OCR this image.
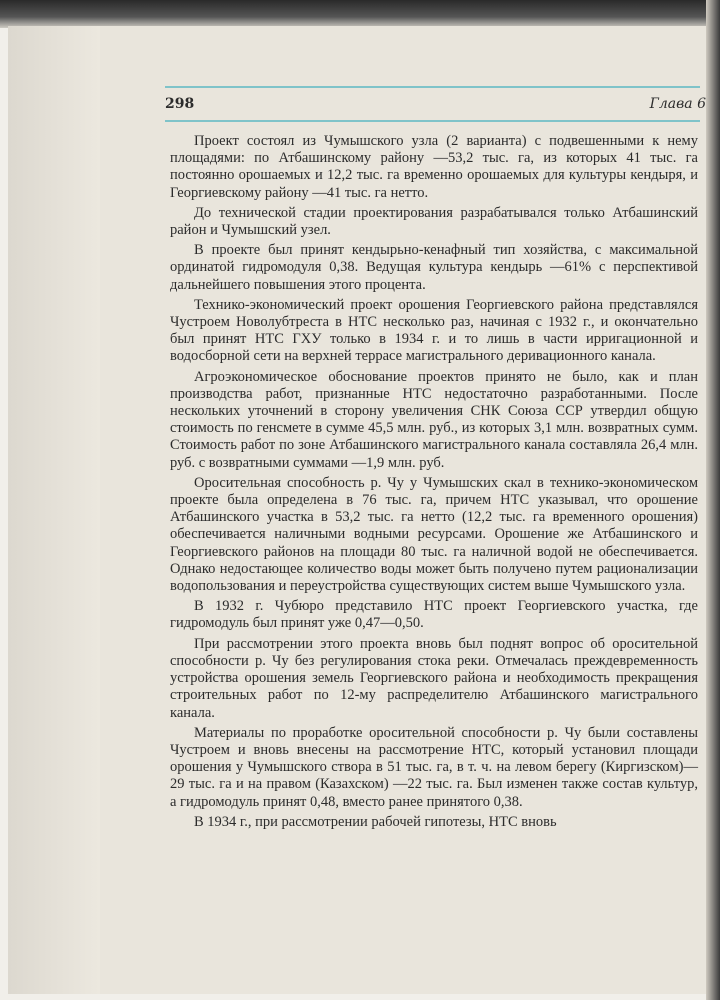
298	Глава 6

Проект состоял из Чумышского узла (2 варианта) с подвешенными к нему площадями: по Атбашинскому району —53,2 тыс. га, из которых 41 тыс. га постоянно орошаемых и 12,2 тыс. га временно орошаемых для культуры кендыря, и Георгиевскому району —41 тыс. га нетто.

До технической стадии проектирования разрабатывался только Атбашинский район и Чумышский узел.

В проекте был принят кендырьно-кенафный тип хозяйства, с максимальной ординатой гидромодуля 0,38. Ведущая культура кендырь —61% с перспективой дальнейшего повышения этого процента.

Технико-экономический проект орошения Георгиевского района представлялся Чустроем Новолубтреста в НТС несколько раз, начиная с 1932 г., и окончательно был принят НТС ГХУ только в 1934 г. и то лишь в части ирригационной и водосборной сети на верхней террасе магистрального деривационного канала.

Агроэкономическое обоснование проектов принято не было, как и план производства работ, признанные НТС недостаточно разработанными. После нескольких уточнений в сторону увеличения СНК Союза ССР утвердил общую стоимость по генсмете в сумме 45,5 млн. руб., из которых 3,1 млн. возвратных сумм. Стоимость работ по зоне Атбашинского магистрального канала составляла 26,4 млн. руб. с возвратными суммами —1,9 млн. руб.

Оросительная способность р. Чу у Чумышских скал в технико-экономическом проекте была определена в 76 тыс. га, причем НТС указывал, что орошение Атбашинского участка в 53,2 тыс. га нетто (12,2 тыс. га временного орошения) обеспечивается наличными водными ресурсами. Орошение же Атбашинского и Георгиевского районов на площади 80 тыс. га наличной водой не обеспечивается. Однако недостающее количество воды может быть получено путем рационализации водопользования и переустройства существующих систем выше Чумышского узла.

В 1932 г. Чубюро представило НТС проект Георгиевского участка, где гидромодуль был принят уже 0,47—0,50.

При рассмотрении этого проекта вновь был поднят вопрос об оросительной способности р. Чу без регулирования стока реки. Отмечалась преждевременность устройства орошения земель Георгиевского района и необходимость прекращения строительных работ по 12-му распределителю Атбашинского магистрального канала.

Материалы по проработке оросительной способности р. Чу были составлены Чустроем и вновь внесены на рассмотрение НТС, который установил площади орошения у Чумышского створа в 51 тыс. га, в т. ч. на левом берегу (Киргизском)—29 тыс. га и на правом (Казахском) —22 тыс. га. Был изменен также состав культур, а гидромодуль принят 0,48, вместо ранее принятого 0,38.

В 1934 г., при рассмотрении рабочей гипотезы, НТС вновь
